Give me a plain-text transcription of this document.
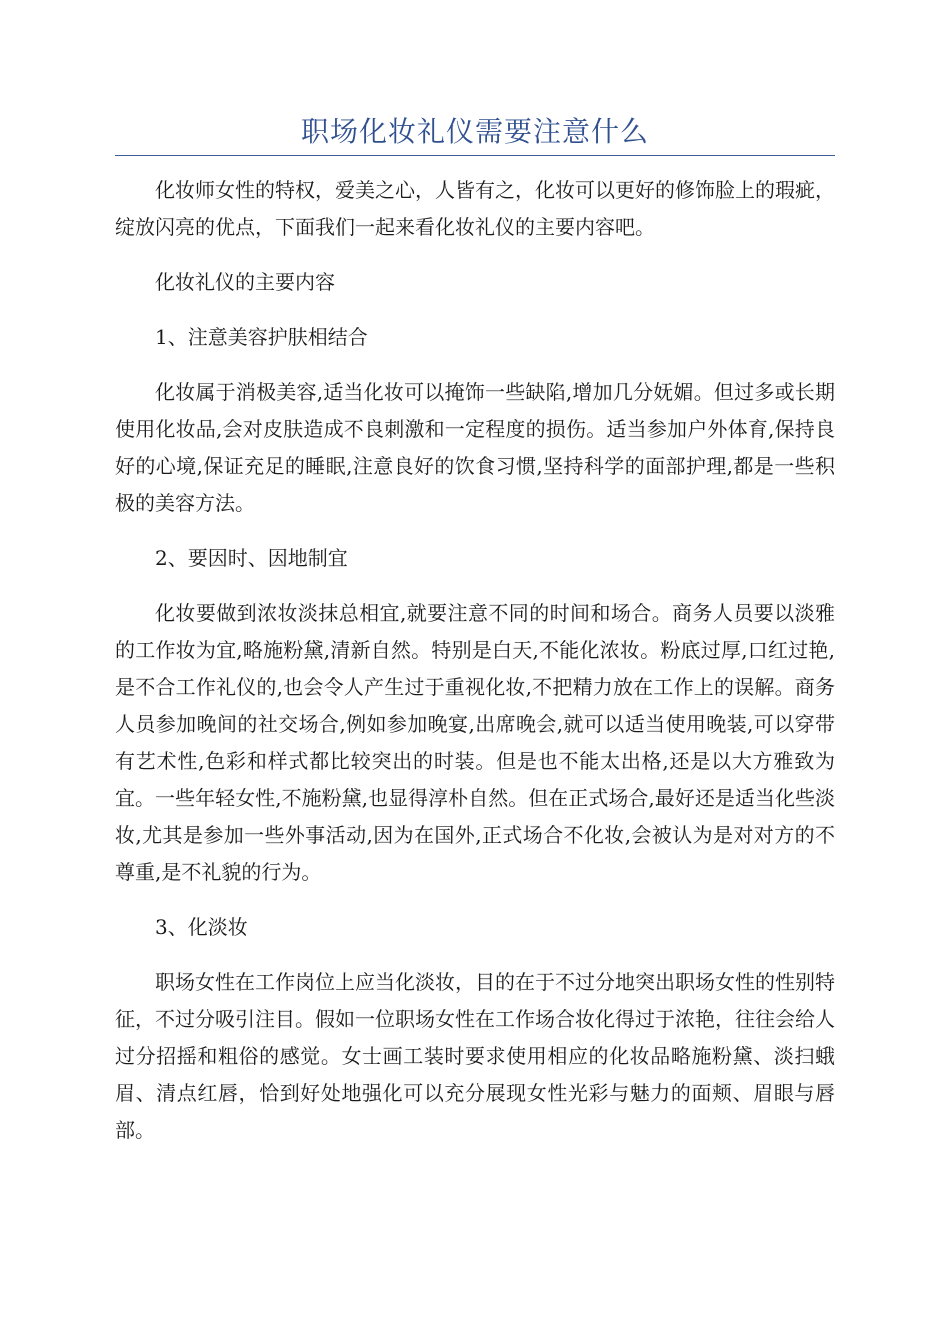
职场化妆礼仪需要注意什么

化妆师女性的特权，爱美之心，人皆有之，化妆可以更好的修饰脸上的瑕疵，绽放闪亮的优点，下面我们一起来看化妆礼仪的主要内容吧。

化妆礼仪的主要内容

1、注意美容护肤相结合

化妆属于消极美容,适当化妆可以掩饰一些缺陷,增加几分妩媚。但过多或长期使用化妆品,会对皮肤造成不良刺激和一定程度的损伤。适当参加户外体育,保持良好的心境,保证充足的睡眠,注意良好的饮食习惯,坚持科学的面部护理,都是一些积极的美容方法。

2、要因时、因地制宜

化妆要做到浓妆淡抹总相宜,就要注意不同的时间和场合。商务人员要以淡雅的工作妆为宜,略施粉黛,清新自然。特别是白天,不能化浓妆。粉底过厚,口红过艳,是不合工作礼仪的,也会令人产生过于重视化妆,不把精力放在工作上的误解。商务人员参加晚间的社交场合,例如参加晚宴,出席晚会,就可以适当使用晚装,可以穿带有艺术性,色彩和样式都比较突出的时装。但是也不能太出格,还是以大方雅致为宜。一些年轻女性,不施粉黛,也显得淳朴自然。但在正式场合,最好还是适当化些淡妆,尤其是参加一些外事活动,因为在国外,正式场合不化妆,会被认为是对对方的不尊重,是不礼貌的行为。

3、化淡妆

职场女性在工作岗位上应当化淡妆，目的在于不过分地突出职场女性的性别特征，不过分吸引注目。假如一位职场女性在工作场合妆化得过于浓艳，往往会给人过分招摇和粗俗的感觉。女士画工装时要求使用相应的化妆品略施粉黛、淡扫蛾眉、清点红唇，恰到好处地强化可以充分展现女性光彩与魅力的面颊、眉眼与唇部。
